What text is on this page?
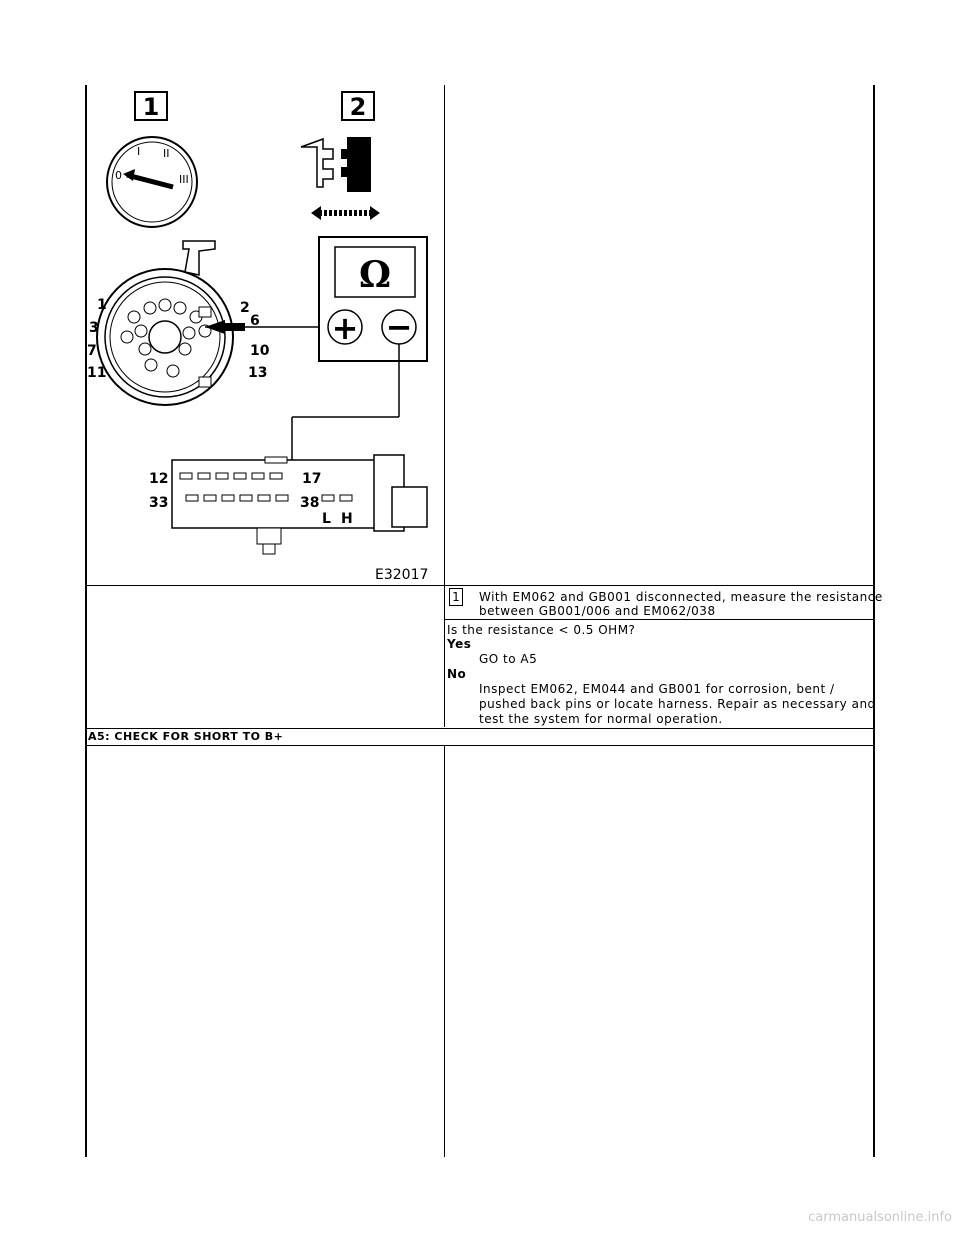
1	2
0
I II
III
Ω
+ −
1	2
3	6
7	10
11	13
12	17
33	38
L H
E32017
1 With EM062 and GB001 disconnected, measure the resistance
between GB001/006 and EM062/038
Is the resistance < 0.5 OHM?
Yes
GO to A5
No
Inspect EM062, EM044 and GB001 for corrosion, bent /
pushed back pins or locate harness. Repair as necessary and
test the system for normal operation.
A5: CHECK FOR SHORT TO B+
carmanualsonline.info
